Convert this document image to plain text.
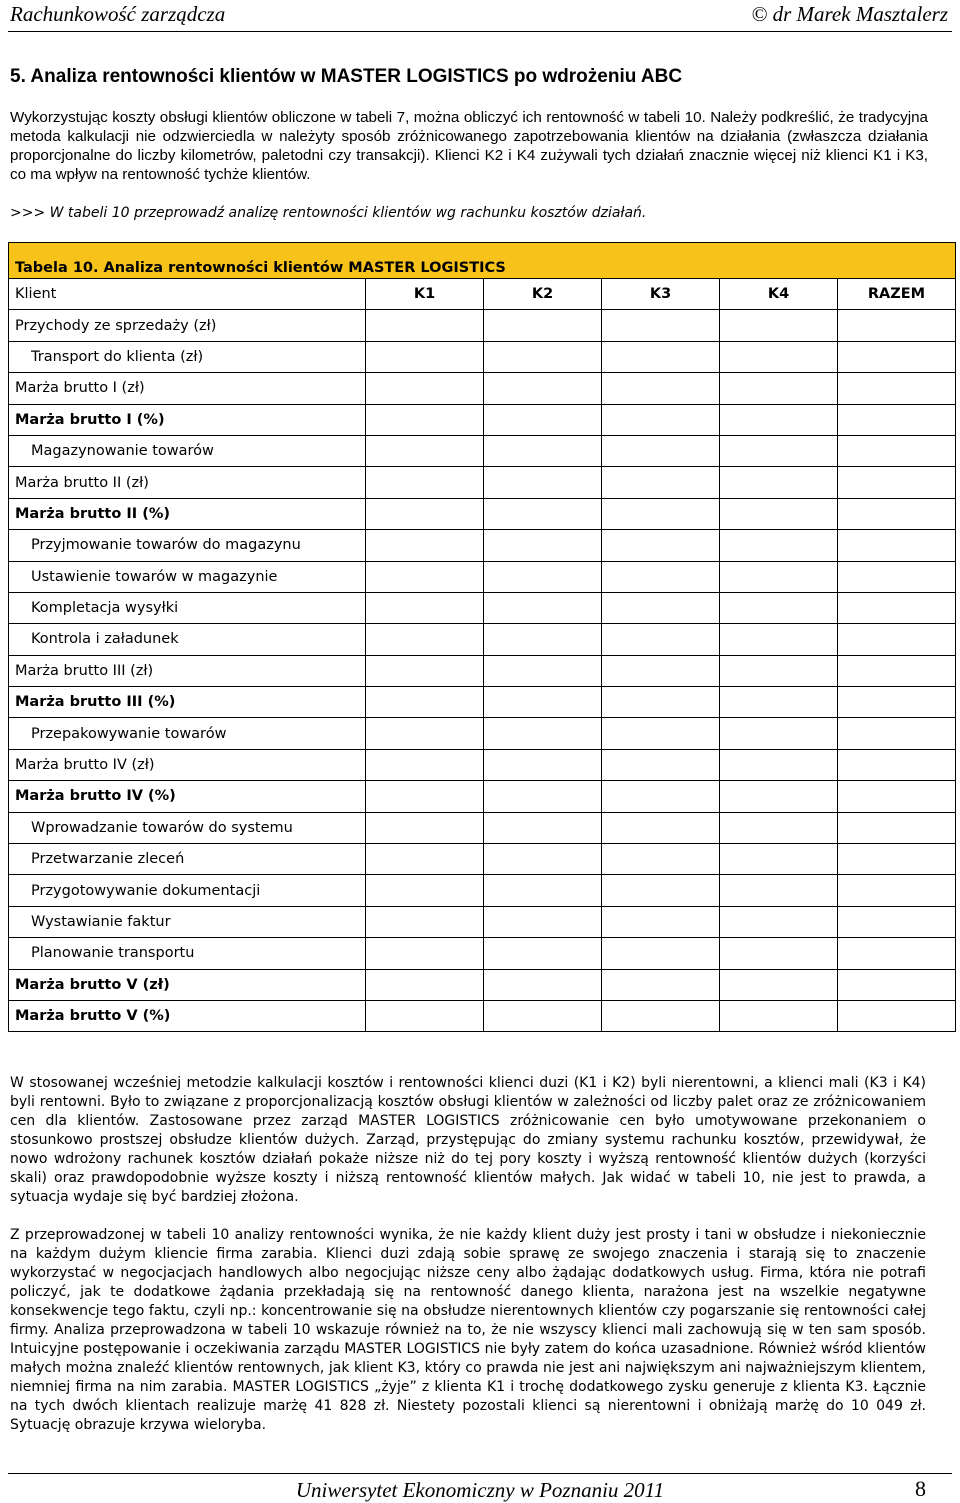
Rachunkowość zarządcza	© dr Marek Masztalerz
5. Analiza rentowności klientów w MASTER LOGISTICS po wdrożeniu ABC
Wykorzystując koszty obsługi klientów obliczone w tabeli 7, można obliczyć ich rentowność w tabeli 10. Należy podkreślić, że tradycyjna metoda kalkulacji nie odzwierciedla w należyty sposób zróżnicowanego zapotrzebowania klientów na działania (zwłaszcza działania proporcjonalne do liczby kilometrów, paletodni czy transakcji). Klienci K2 i K4 zużywali tych działań znacznie więcej niż klienci K1 i K3, co ma wpływ na rentowność tychże klientów.
>>> W tabeli 10 przeprowadź analizę rentowności klientów wg rachunku kosztów działań.
Tabela 10. Analiza rentowności klientów MASTER LOGISTICS					
Klient	K1	K2	K3	K4	RAZEM
Przychody ze sprzedaży (zł)					
Transport do klienta (zł)					
Marża brutto I (zł)					
Marża brutto I (%)					
Magazynowanie towarów					
Marża brutto II (zł)					
Marża brutto II (%)					
Przyjmowanie towarów do magazynu					
Ustawienie towarów w magazynie					
Kompletacja wysyłki					
Kontrola i załadunek					
Marża brutto III (zł)					
Marża brutto III (%)					
Przepakowywanie towarów					
Marża brutto IV (zł)					
Marża brutto IV (%)					
Wprowadzanie towarów do systemu					
Przetwarzanie zleceń					
Przygotowywanie dokumentacji					
Wystawianie faktur					
Planowanie transportu					
Marża brutto V (zł)					
Marża brutto V (%)					
W stosowanej wcześniej metodzie kalkulacji kosztów i rentowności klienci duzi (K1 i K2) byli nierentowni, a klienci mali (K3 i K4) byli rentowni. Było to związane z proporcjonalizacją kosztów obsługi klientów w zależności od liczby palet oraz ze zróżnicowaniem cen dla klientów. Zastosowane przez zarząd MASTER LOGISTICS zróżnicowanie cen było umotywowane przekonaniem o stosunkowo prostszej obsłudze klientów dużych. Zarząd, przystępując do zmiany systemu rachunku kosztów, przewidywał, że nowo wdrożony rachunek kosztów działań pokaże niższe niż do tej pory koszty i wyższą rentowność klientów dużych (korzyści skali) oraz prawdopodobnie wyższe koszty i niższą rentowność klientów małych. Jak widać w tabeli 10, nie jest to prawda, a sytuacja wydaje się być bardziej złożona.
Z przeprowadzonej w tabeli 10 analizy rentowności wynika, że nie każdy klient duży jest prosty i tani w obsłudze i niekoniecznie na każdym dużym kliencie firma zarabia. Klienci duzi zdają sobie sprawę ze swojego znaczenia i starają się to znaczenie wykorzystać w negocjacjach handlowych albo negocjując niższe ceny albo żądając dodatkowych usług. Firma, która nie potrafi policzyć, jak te dodatkowe żądania przekładają się na rentowność danego klienta, narażona jest na wszelkie negatywne konsekwencje tego faktu, czyli np.: koncentrowanie się na obsłudze nierentownych klientów czy pogarszanie się rentowności całej firmy. Analiza przeprowadzona w tabeli 10 wskazuje również na to, że nie wszyscy klienci mali zachowują się w ten sam sposób. Intuicyjne postępowanie i oczekiwania zarządu MASTER LOGISTICS nie były zatem do końca uzasadnione. Również wśród klientów małych można znaleźć klientów rentownych, jak klient K3, który co prawda nie jest ani największym ani najważniejszym klientem, niemniej firma na nim zarabia. MASTER LOGISTICS „żyje” z klienta K1 i trochę dodatkowego zysku generuje z klienta K3. Łącznie na tych dwóch klientach realizuje marżę 41 828 zł. Niestety pozostali klienci są nierentowni i obniżają marżę do 10 049 zł. Sytuację obrazuje krzywa wieloryba.
Uniwersytet Ekonomiczny w Poznaniu 2011	8
